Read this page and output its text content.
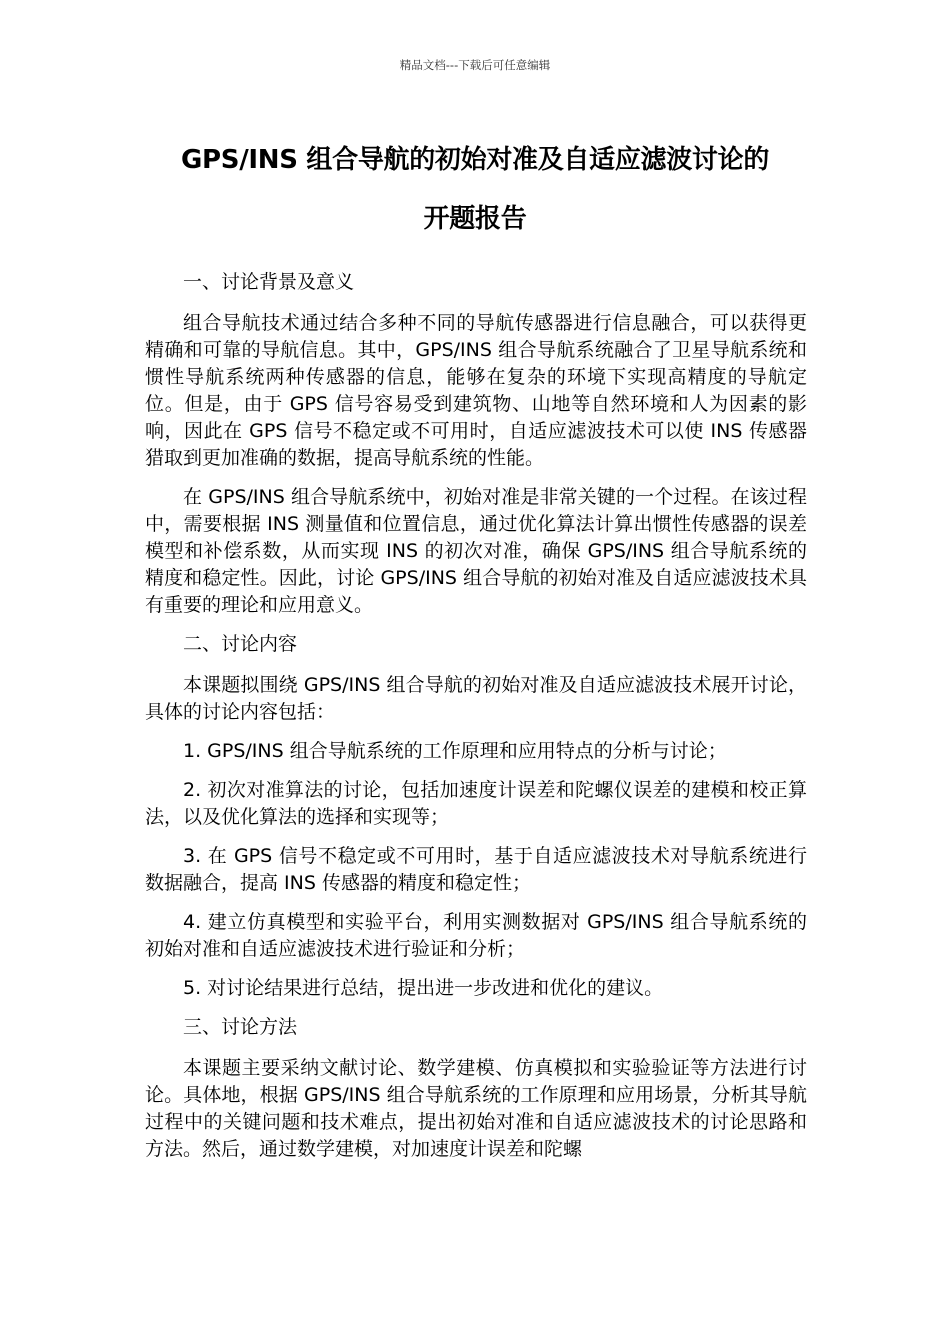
精品文档---下载后可任意编辑
GPS/INS 组合导航的初始对准及自适应滤波讨论的
开题报告

一、讨论背景及意义

组合导航技术通过结合多种不同的导航传感器进行信息融合，可以获得更精确和可靠的导航信息。其中，GPS/INS 组合导航系统融合了卫星导航系统和惯性导航系统两种传感器的信息，能够在复杂的环境下实现高精度的导航定位。但是，由于 GPS 信号容易受到建筑物、山地等自然环境和人为因素的影响，因此在 GPS 信号不稳定或不可用时，自适应滤波技术可以使 INS 传感器猎取到更加准确的数据，提高导航系统的性能。

在 GPS/INS 组合导航系统中，初始对准是非常关键的一个过程。在该过程中，需要根据 INS 测量值和位置信息，通过优化算法计算出惯性传感器的误差模型和补偿系数，从而实现 INS 的初次对准，确保 GPS/INS 组合导航系统的精度和稳定性。因此，讨论 GPS/INS 组合导航的初始对准及自适应滤波技术具有重要的理论和应用意义。

二、讨论内容

本课题拟围绕 GPS/INS 组合导航的初始对准及自适应滤波技术展开讨论，具体的讨论内容包括：

1. GPS/INS 组合导航系统的工作原理和应用特点的分析与讨论；

2. 初次对准算法的讨论，包括加速度计误差和陀螺仪误差的建模和校正算法，以及优化算法的选择和实现等；

3. 在 GPS 信号不稳定或不可用时，基于自适应滤波技术对导航系统进行数据融合，提高 INS 传感器的精度和稳定性；

4. 建立仿真模型和实验平台，利用实测数据对 GPS/INS 组合导航系统的初始对准和自适应滤波技术进行验证和分析；

5. 对讨论结果进行总结，提出进一步改进和优化的建议。

三、讨论方法

本课题主要采纳文献讨论、数学建模、仿真模拟和实验验证等方法进行讨论。具体地，根据 GPS/INS 组合导航系统的工作原理和应用场景，分析其导航过程中的关键问题和技术难点，提出初始对准和自适应滤波技术的讨论思路和方法。然后，通过数学建模，对加速度计误差和陀螺
